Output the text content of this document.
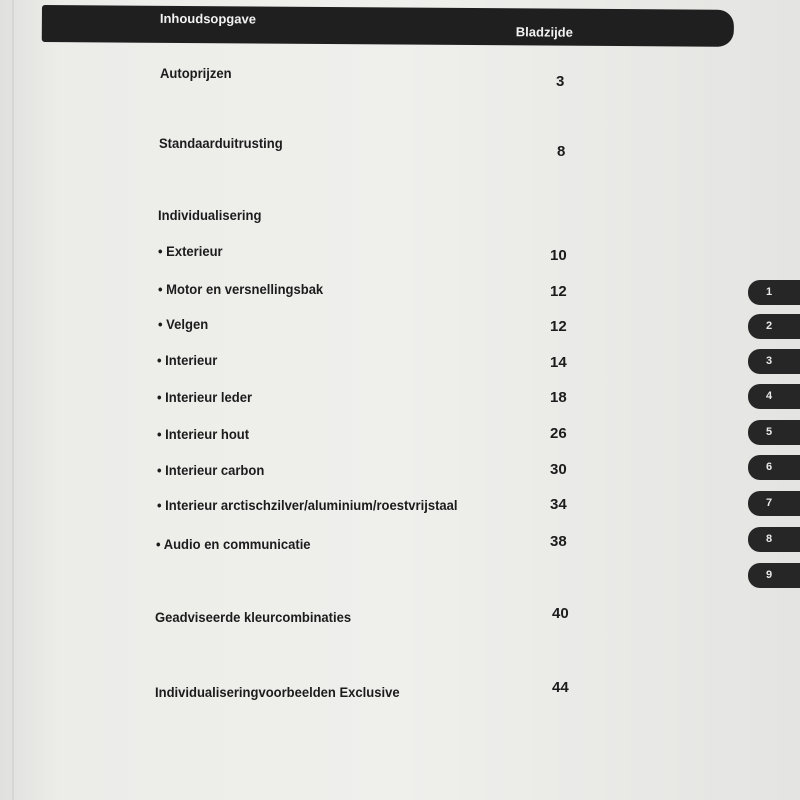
Inhoudsopgave
Bladzijde
Autoprijzen	3
Standaarduitrusting	8
Individualisering
• Exterieur	10
• Motor en versnellingsbak	12
• Velgen	12
• Interieur	14
• Interieur leder	18
• Interieur hout	26
• Interieur carbon	30
• Interieur arctischzilver/aluminium/roestvrijstaal	34
• Audio en communicatie	38
Geadviseerde kleurcombinaties	40
Individualiseringvoorbeelden Exclusive	44
1
2
3
4
5
6
7
8
9
